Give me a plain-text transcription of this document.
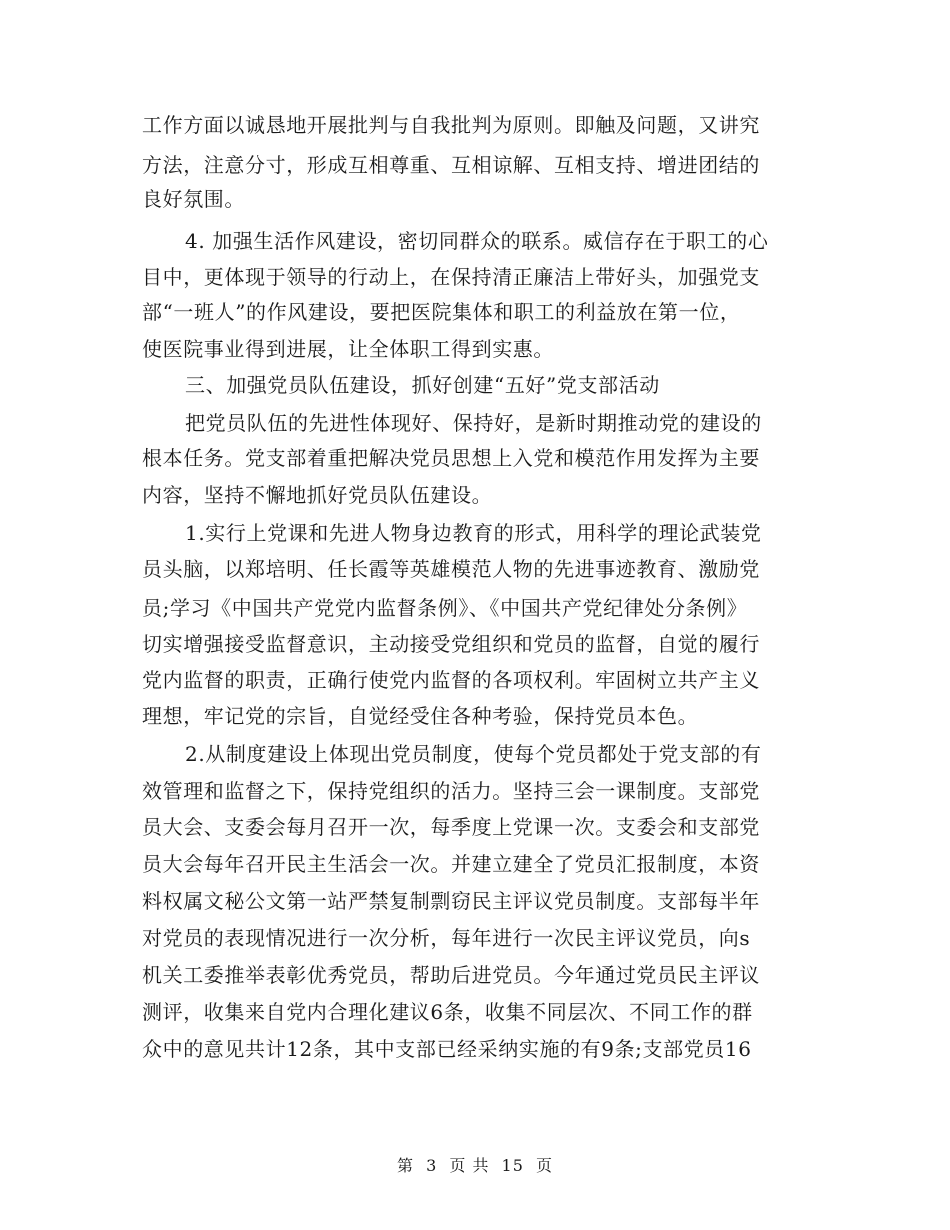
工作方面以诚恳地开展批判与自我批判为原则。即触及问题，又讲究
方法，注意分寸，形成互相尊重、互相谅解、互相支持、增进团结的
良好氛围。
4. 加强生活作风建设，密切同群众的联系。威信存在于职工的心
目中，更体现于领导的行动上，在保持清正廉洁上带好头，加强党支
部“一班人”的作风建设，要把医院集体和职工的利益放在第一位，
使医院事业得到进展，让全体职工得到实惠。
三、加强党员队伍建设，抓好创建“五好”党支部活动
把党员队伍的先进性体现好、保持好，是新时期推动党的建设的
根本任务。党支部着重把解决党员思想上入党和模范作用发挥为主要
内容，坚持不懈地抓好党员队伍建设。
1.实行上党课和先进人物身边教育的形式，用科学的理论武装党
员头脑，以郑培明、任长霞等英雄模范人物的先进事迹教育、激励党
员;学习《中国共产党党内监督条例》、《中国共产党纪律处分条例》
切实增强接受监督意识，主动接受党组织和党员的监督，自觉的履行
党内监督的职责，正确行使党内监督的各项权利。牢固树立共产主义
理想，牢记党的宗旨，自觉经受住各种考验，保持党员本色。
2.从制度建设上体现出党员制度，使每个党员都处于党支部的有
效管理和监督之下，保持党组织的活力。坚持三会一课制度。支部党
员大会、支委会每月召开一次，每季度上党课一次。支委会和支部党
员大会每年召开民主生活会一次。并建立建全了党员汇报制度，本资
料权属文秘公文第一站严禁复制剽窃民主评议党员制度。支部每半年
对党员的表现情况进行一次分析，每年进行一次民主评议党员，向s
机关工委推举表彰优秀党员，帮助后进党员。今年通过党员民主评议
测评，收集来自党内合理化建议6条，收集不同层次、不同工作的群
众中的意见共计12条，其中支部已经采纳实施的有9条;支部党员16
第 3 页 共 15 页
